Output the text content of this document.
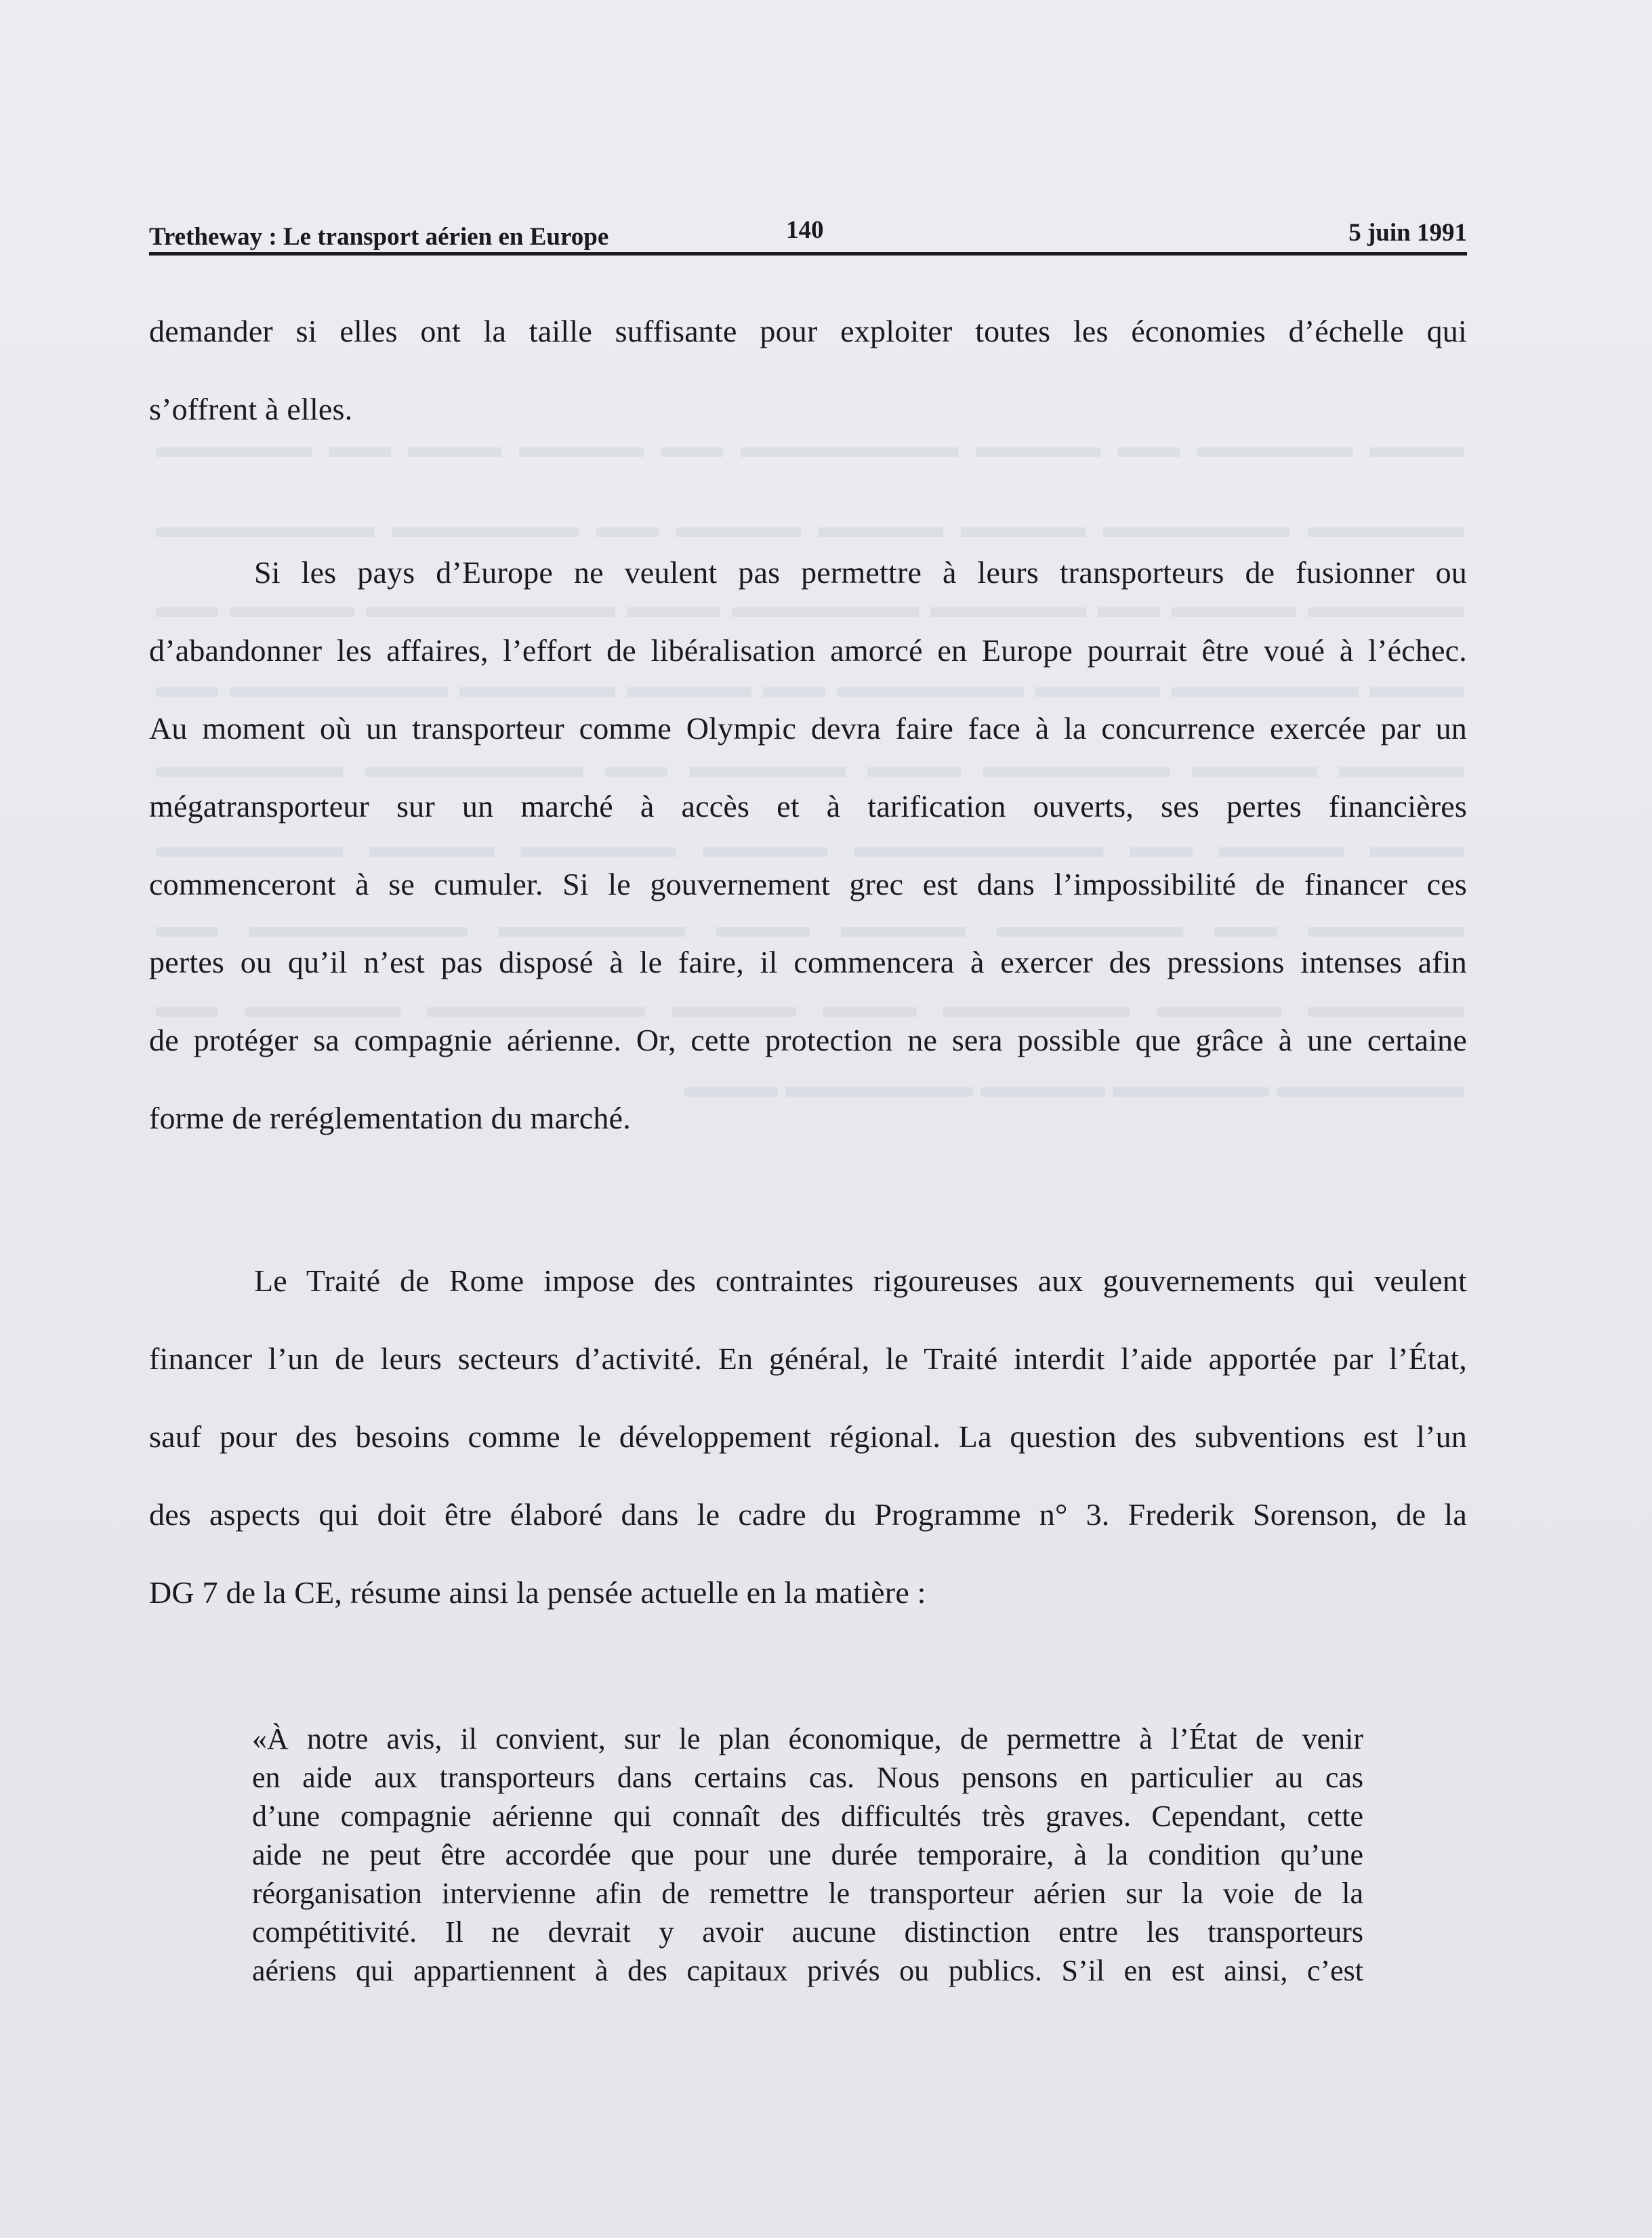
▬▬▬ ▬▬▬▬▬ ▬▬ ▬▬▬▬ ▬▬▬▬▬▬▬ ▬▬ ▬▬▬▬ ▬▬▬ ▬▬ ▬▬▬▬▬ ▬▬▬▬▬ ▬▬▬▬▬▬ ▬▬▬▬ ▬▬▬▬ ▬▬▬▬ ▬▬ ▬▬▬▬▬▬ ▬▬▬▬▬▬▬ ▬▬▬▬▬ ▬▬▬▬ ▬▬ ▬▬▬▬▬ ▬▬▬▬▬▬ ▬▬▬ ▬▬▬▬▬▬▬▬ ▬▬▬▬ ▬▬ ▬▬▬ ▬▬▬▬▬▬ ▬▬▬▬ ▬▬▬▬▬▬ ▬▬ ▬▬▬▬ ▬▬▬▬▬ ▬▬▬▬▬▬▬ ▬▬ ▬▬▬▬ ▬▬▬▬ ▬▬▬▬▬▬ ▬▬▬ ▬▬▬▬▬ ▬▬ ▬▬▬▬▬▬▬ ▬▬▬▬▬▬ ▬▬▬ ▬▬▬▬ ▬▬ ▬▬▬▬▬▬▬▬ ▬▬▬▬ ▬▬▬▬▬ ▬▬▬▬ ▬▬▬▬▬▬ ▬▬▬▬▬ ▬▬ ▬▬▬▬▬▬ ▬▬▬▬ ▬▬▬ ▬▬▬▬▬▬ ▬▬▬▬▬▬▬ ▬▬ ▬▬▬▬▬ ▬▬▬▬ ▬▬▬▬▬▬ ▬▬▬ ▬▬▬▬ ▬▬▬▬▬▬▬ ▬▬▬▬▬ ▬▬ ▬▬▬▬▬▬ ▬▬▬▬▬ ▬▬▬▬ ▬▬▬▬▬▬ ▬▬▬
Tretheway : Le transport aérien en Europe	140	5 juin 1991
demander si elles ont la taille suffisante pour exploiter toutes les économies d’échelle qui
s’offrent à elles.
Si les pays d’Europe ne veulent pas permettre à leurs transporteurs de fusionner ou
d’abandonner les affaires, l’effort de libéralisation amorcé en Europe pourrait être voué à l’échec.
Au moment où un transporteur comme Olympic devra faire face à la concurrence exercée par un
mégatransporteur sur un marché à accès et à tarification ouverts, ses pertes financières
commenceront à se cumuler. Si le gouvernement grec est dans l’impossibilité de financer ces
pertes ou qu’il n’est pas disposé à le faire, il commencera à exercer des pressions intenses afin
de protéger sa compagnie aérienne. Or, cette protection ne sera possible que grâce à une certaine
forme de reréglementation du marché.
Le Traité de Rome impose des contraintes rigoureuses aux gouvernements qui veulent
financer l’un de leurs secteurs d’activité. En général, le Traité interdit l’aide apportée par l’État,
sauf pour des besoins comme le développement régional. La question des subventions est l’un
des aspects qui doit être élaboré dans le cadre du Programme n° 3. Frederik Sorenson, de la
DG 7 de la CE, résume ainsi la pensée actuelle en la matière :
«À notre avis, il convient, sur le plan économique, de permettre à l’État de venir
en aide aux transporteurs dans certains cas. Nous pensons en particulier au cas
d’une compagnie aérienne qui connaît des difficultés très graves. Cependant, cette
aide ne peut être accordée que pour une durée temporaire, à la condition qu’une
réorganisation intervienne afin de remettre le transporteur aérien sur la voie de la
compétitivité. Il ne devrait y avoir aucune distinction entre les transporteurs
aériens qui appartiennent à des capitaux privés ou publics. S’il en est ainsi, c’est
